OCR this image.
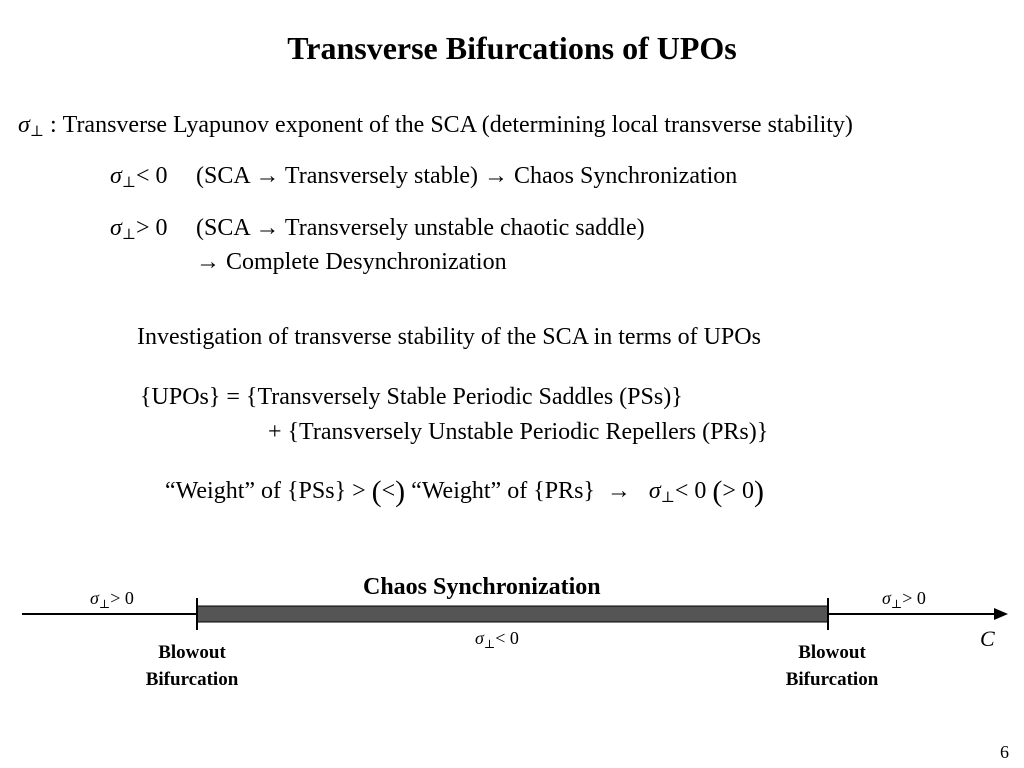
Transverse Bifurcations of UPOs
$\sigma_\perp$ : Transverse Lyapunov exponent of the SCA (determining local transverse stability)
$\sigma_\perp< 0$ (SCA → Transversely stable) → Chaos Synchronization
$\sigma_\perp> 0$ (SCA → Transversely unstable chaotic saddle)
→ Complete Desynchronization
Investigation of transverse stability of the SCA in terms of UPOs
{UPOs} = {Transversely Stable Periodic Saddles (PSs)}
+ {Transversely Unstable Periodic Repellers (PRs)}
“Weight” of {PSs} > (<) “Weight” of $\{PRs\} \to \sigma_\perp< 0$ (> 0)
Chaos Synchronization
$\sigma_\perp> 0$	$\sigma_\perp> 0$
$\sigma_\perp< 0$	C
Blowout
Bifurcation
Blowout
Bifurcation
6
